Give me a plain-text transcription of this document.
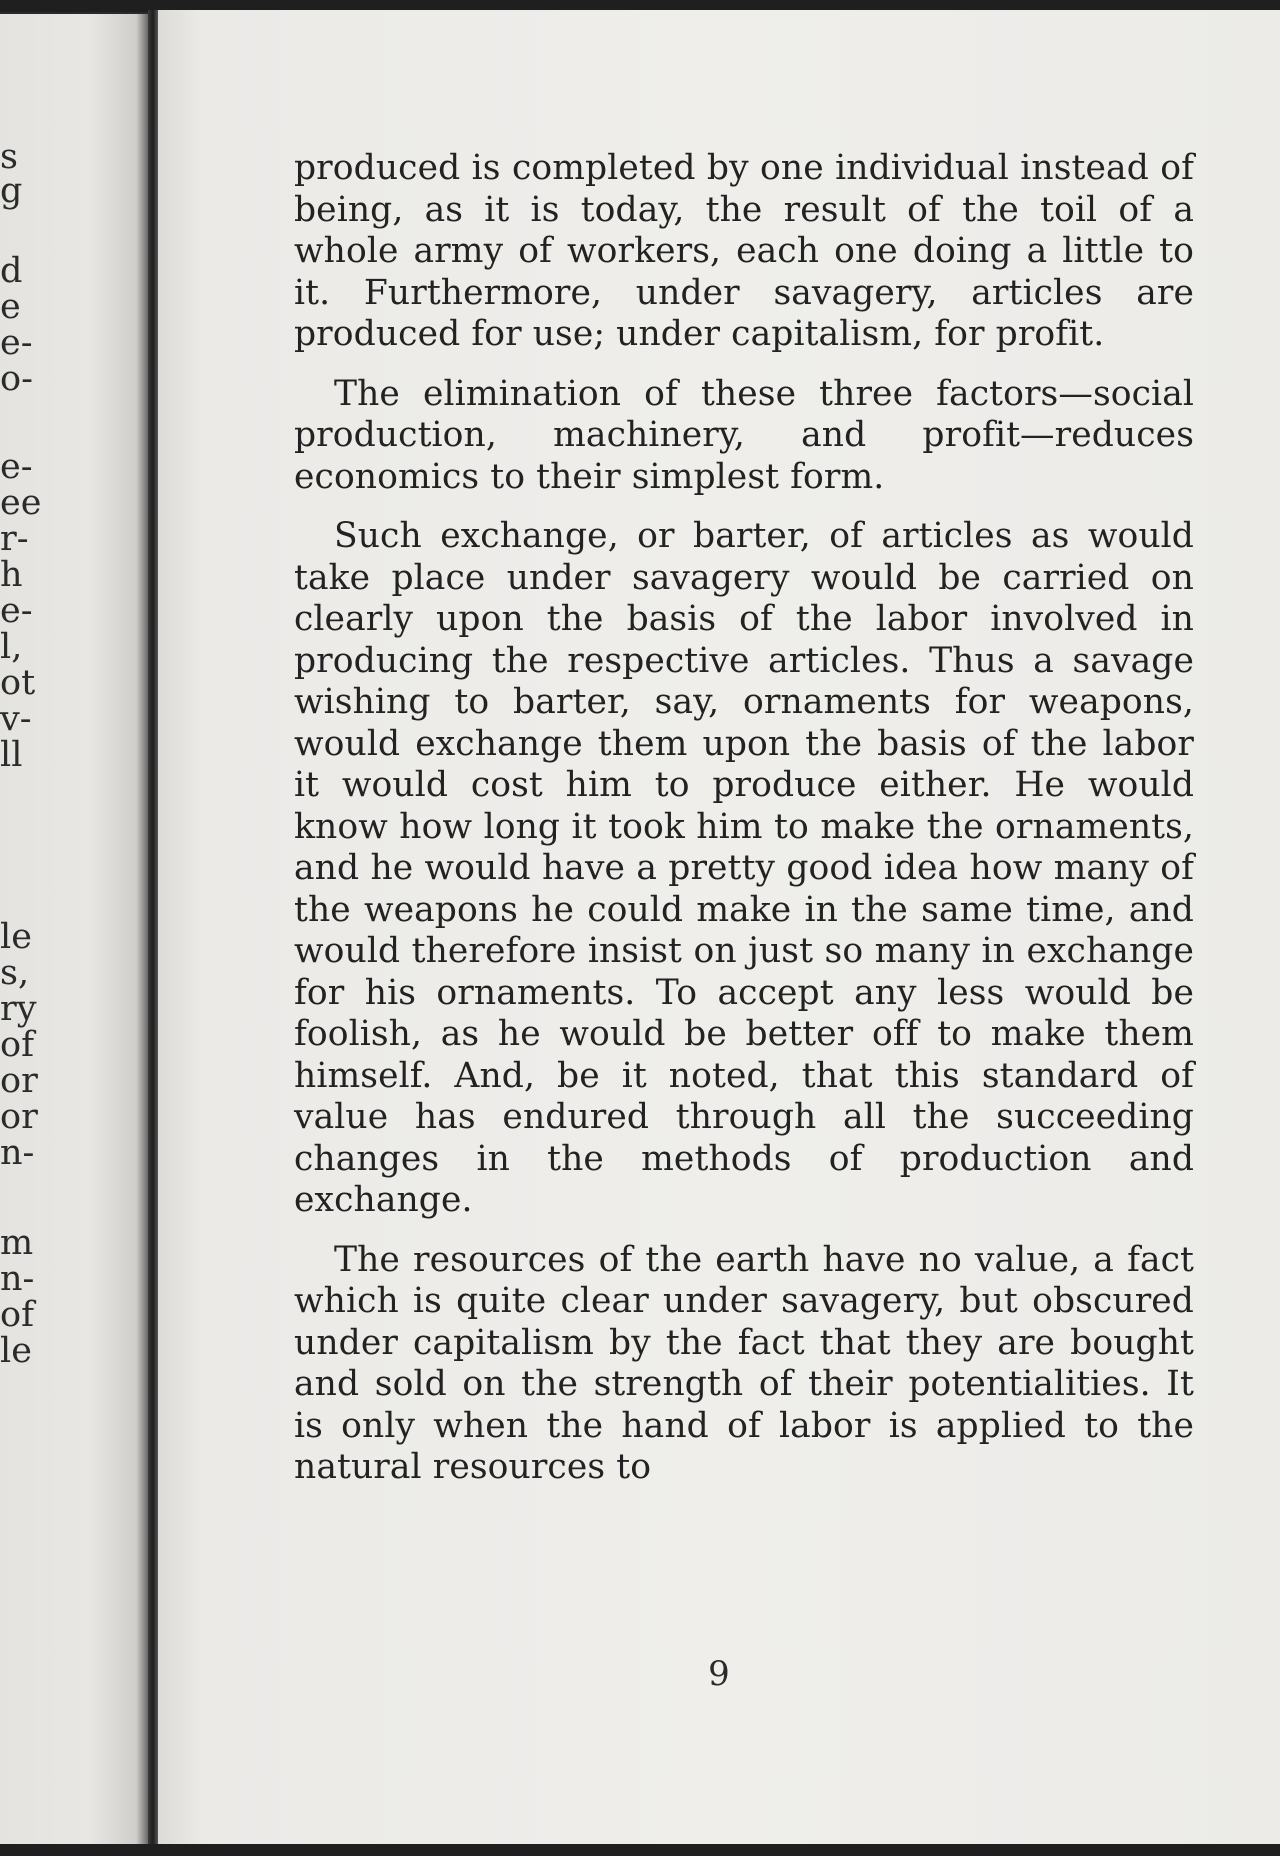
s
g
d
e
e-
o-
e-
ee
r-
h
e-
l,
ot
v-
ll
le
s,
ry
of
or
or
n-
m
n-
of
le

produced is completed by one individual instead of being, as it is today, the result of the toil of a whole army of workers, each one doing a little to it. Furthermore, under savagery, articles are produced for use; under capitalism, for profit.

The elimination of these three factors—social production, machinery, and profit—reduces economics to their simplest form.

Such exchange, or barter, of articles as would take place under savagery would be carried on clearly upon the basis of the labor involved in producing the respective articles. Thus a savage wishing to barter, say, ornaments for weapons, would exchange them upon the basis of the labor it would cost him to produce either. He would know how long it took him to make the ornaments, and he would have a pretty good idea how many of the weapons he could make in the same time, and would therefore insist on just so many in exchange for his ornaments. To accept any less would be foolish, as he would be better off to make them himself. And, be it noted, that this standard of value has endured through all the succeeding changes in the methods of production and exchange.

The resources of the earth have no value, a fact which is quite clear under savagery, but obscured under capitalism by the fact that they are bought and sold on the strength of their potentialities. It is only when the hand of labor is applied to the natural resources to

9
